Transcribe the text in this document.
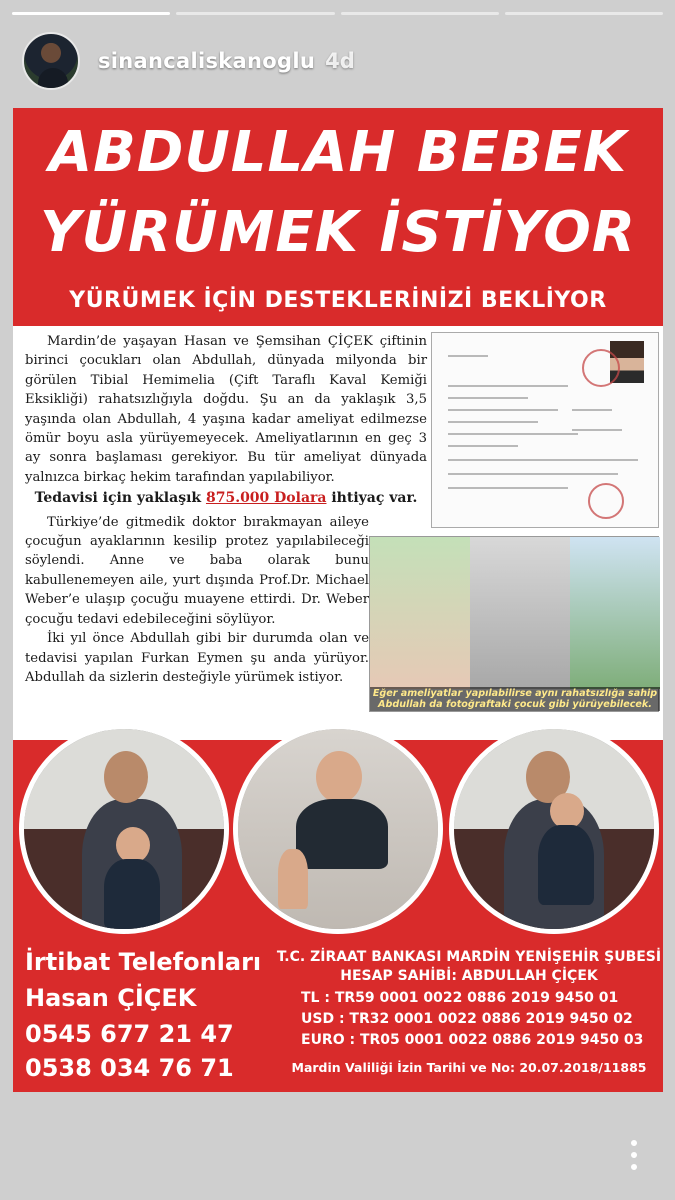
sinancaliskanoglu 4d
ABDULLAH BEBEK
YÜRÜMEK İSTİYOR
YÜRÜMEK İÇİN DESTEKLERİNİZİ BEKLİYOR

Mardin’de yaşayan Hasan ve Şemsihan ÇİÇEK çiftinin birinci çocukları olan Abdullah, dünyada milyonda bir görülen Tibial Hemimelia (Çift Taraflı Kaval Kemiği Eksikliği) rahatsızlığıyla doğdu. Şu an da yaklaşık 3,5 yaşında olan Abdullah, 4 yaşına kadar ameliyat edilmezse ömür boyu asla yürüyemeyecek. Ameliyatlarının en geç 3 ay sonra başlaması gerekiyor. Bu tür ameliyat dünyada yalnızca birkaç hekim tarafından yapılabiliyor.

Tedavisi için yaklaşık 875.000 Dolara ihtiyaç var.

Türkiye’de gitmedik doktor bırakmayan aileye çocuğun ayaklarının kesilip protez yapılabileceği söylendi. Anne ve baba olarak bunu kabullenemeyen aile, yurt dışında Prof.Dr. Michael Weber’e ulaşıp çocuğu muayene ettirdi. Dr. Weber çocuğu tedavi edebileceğini söylüyor.

İki yıl önce Abdullah gibi bir durumda olan ve tedavisi yapılan Furkan Eymen şu anda yürüyor. Abdullah da sizlerin desteğiyle yürümek istiyor.

Eğer ameliyatlar yapılabilirse aynı rahatsızlığa sahip
Abdullah da fotoğraftaki çocuk gibi yürüyebilecek.
İrtibat Telefonları
Hasan ÇİÇEK
0545 677 21 47
0538 034 76 71
T.C. ZİRAAT BANKASI MARDİN YENİŞEHİR ŞUBESİ
HESAP SAHİBİ: ABDULLAH ÇİÇEK
TL : TR59 0001 0022 0886 2019 9450 01
USD : TR32 0001 0022 0886 2019 9450 02
EURO : TR05 0001 0022 0886 2019 9450 03
Mardin Valiliği İzin Tarihi ve No: 20.07.2018/11885
